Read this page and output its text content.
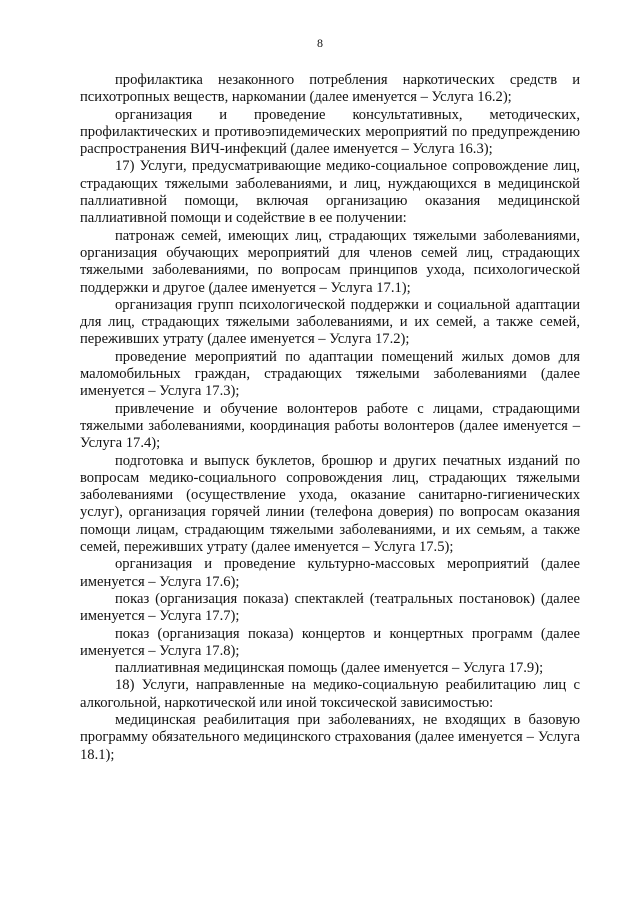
8

профилактика незаконного потребления наркотических средств и психотропных веществ, наркомании (далее именуется – Услуга 16.2);

организация и проведение консультативных, методических, профилактических и противоэпидемических мероприятий по предупреждению распространения ВИЧ-инфекций (далее именуется – Услуга 16.3);

17) Услуги, предусматривающие медико-социальное сопровождение лиц, страдающих тяжелыми заболеваниями, и лиц, нуждающихся в медицинской паллиативной помощи, включая организацию оказания медицинской паллиативной помощи и содействие в ее получении:

патронаж семей, имеющих лиц, страдающих тяжелыми заболеваниями, организация обучающих мероприятий для членов семей лиц, страдающих тяжелыми заболеваниями, по вопросам принципов ухода, психологической поддержки и другое (далее именуется – Услуга 17.1);

организация групп психологической поддержки и социальной адаптации для лиц, страдающих тяжелыми заболеваниями, и их семей, а также семей, переживших утрату (далее именуется – Услуга 17.2);

проведение мероприятий по адаптации помещений жилых домов для маломобильных граждан, страдающих тяжелыми заболеваниями (далее именуется – Услуга 17.3);

привлечение и обучение волонтеров работе с лицами, страдающими тяжелыми заболеваниями, координация работы волонтеров (далее именуется – Услуга 17.4);

подготовка и выпуск буклетов, брошюр и других печатных изданий по вопросам медико-социального сопровождения лиц, страдающих тяжелыми заболеваниями (осуществление ухода, оказание санитарно-гигиенических услуг), организация горячей линии (телефона доверия) по вопросам оказания помощи лицам, страдающим тяжелыми заболеваниями, и их семьям, а также семей, переживших утрату (далее именуется – Услуга 17.5);

организация и проведение культурно-массовых мероприятий (далее именуется – Услуга 17.6);

показ (организация показа) спектаклей (театральных постановок) (далее именуется – Услуга 17.7);

показ (организация показа) концертов и концертных программ (далее именуется – Услуга 17.8);

паллиативная медицинская помощь (далее именуется – Услуга 17.9);

18) Услуги, направленные на медико-социальную реабилитацию лиц с алкогольной, наркотической или иной токсической зависимостью:

медицинская реабилитация при заболеваниях, не входящих в базовую программу обязательного медицинского страхования (далее именуется – Услуга 18.1);
